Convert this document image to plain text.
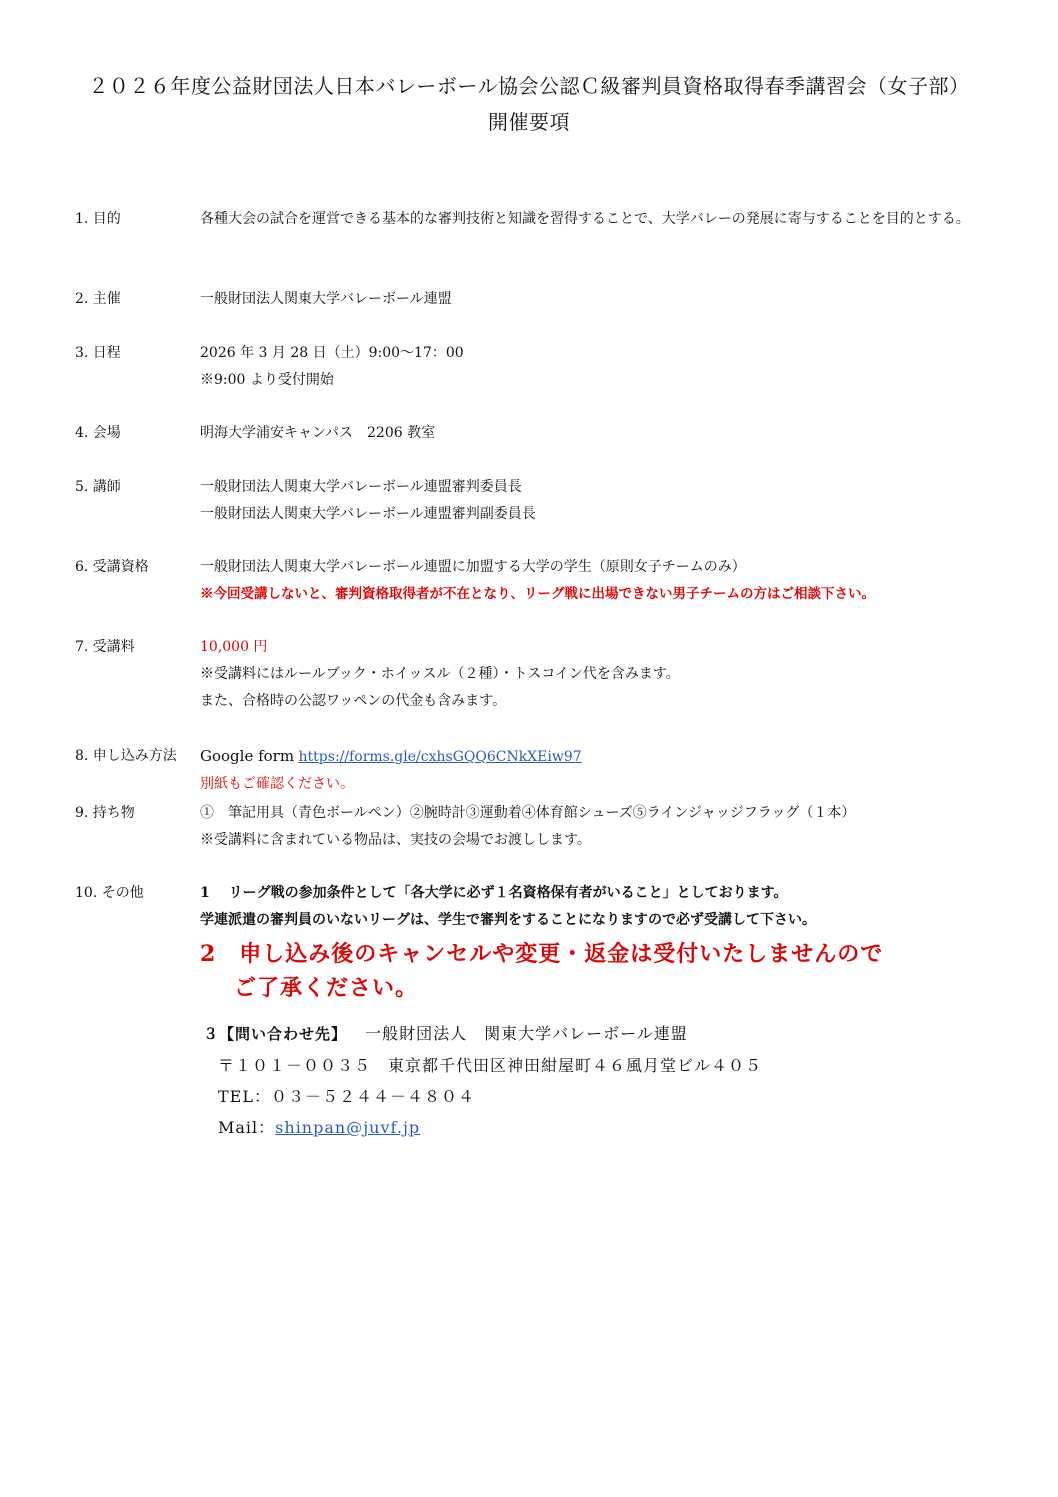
２０２６年度公益財団法人日本バレーボール協会公認Ｃ級審判員資格取得春季講習会（女子部）
開催要項
1. 目的	各種大会の試合を運営できる基本的な審判技術と知識を習得することで、大学バレーの発展に寄与することを目的とする。
2. 主催	一般財団法人関東大学バレーボール連盟
3. 日程	2026 年 3 月 28 日（土）9:00～17：00
※9:00 より受付開始
4. 会場	明海大学浦安キャンパス　2206 教室
5. 講師	一般財団法人関東大学バレーボール連盟審判委員長
一般財団法人関東大学バレーボール連盟審判副委員長
6. 受講資格	一般財団法人関東大学バレーボール連盟に加盟する大学の学生（原則女子チームのみ）
※今回受講しないと、審判資格取得者が不在となり、リーグ戦に出場できない男子チームの方はご相談下さい。
7. 受講料	10,000 円
※受講料にはルールブック・ホイッスル（２種）・トスコイン代を含みます。
また、合格時の公認ワッペンの代金も含みます。
8. 申し込み方法 Google form https://forms.gle/cxhsGQQ6CNkXEiw97
別紙もご確認ください。
9. 持ち物	①　筆記用具（青色ボールペン）②腕時計③運動着④体育館シューズ⑤ラインジャッジフラッグ（１本）
※受講料に含まれている物品は、実技の会場でお渡しします。
10. その他	1　 リーグ戦の参加条件として「各大学に必ず１名資格保有者がいること」としております。
学連派遣の審判員のいないリーグは、学生で審判をすることになりますので必ず受講して下さい。
2　申し込み後のキャンセルや変更・返金は受付いたしませんので
ご了承ください。
３【問い合わせ先】 一般財団法人　関東大学バレーボール連盟
〒１０１－００３５　東京都千代田区神田紺屋町４６風月堂ビル４０５
TEL：０３－５２４４－４８０４
Mail：shinpan@juvf.jp
